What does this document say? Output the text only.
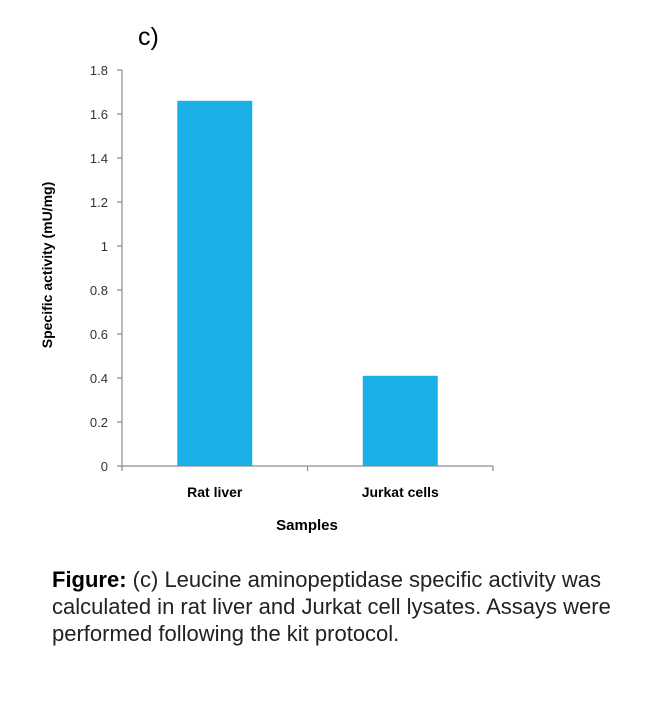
c)
0
0.2
0.4
0.6
0.8
1
1.2
1.4
1.6
1.8
Rat liver	Jurkat cells
Specific activity (mU/mg)
Samples
Figure: (c) Leucine aminopeptidase specific activity was calculated in rat liver and Jurkat cell lysates. Assays were performed following the kit protocol.
